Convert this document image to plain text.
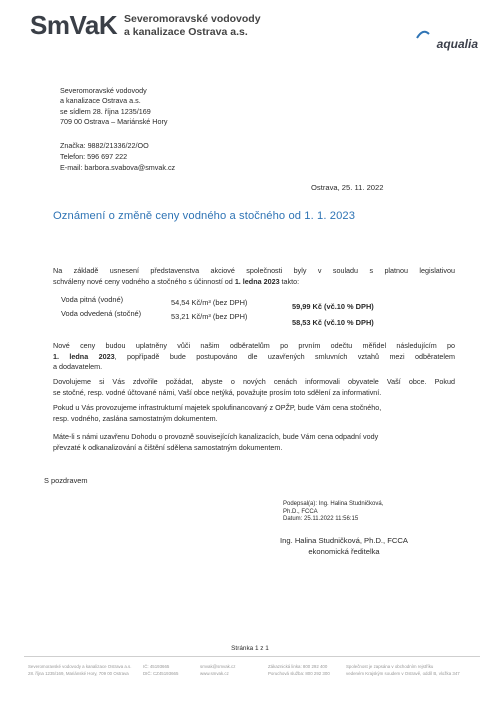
SmVaK Severomoravské vodovody
a kanalizace Ostrava a.s.
aqualia
Severomoravské vodovody
a kanalizace Ostrava a.s.
se sídlem 28. října 1235/169
709 00 Ostrava – Mariánské Hory
Značka: 9882/21336/22/OO
Telefon: 596 697 222
E-mail: barbora.svabova@smvak.cz
Ostrava, 25. 11. 2022
Oznámení o změně ceny vodného a stočného od 1. 1. 2023
Na základě usnesení představenstva akciové společnosti byly v souladu s platnou legislativou
schváleny nové ceny vodného a stočného s účinností od 1. ledna 2023 takto:
Voda pitná (vodné)
59,99 Kč (vč.10 % DPH)
54,54 Kč/m³ (bez DPH)
Voda odvedená (stočné)
58,53 Kč (vč.10 % DPH)
53,21 Kč/m³ (bez DPH)
Nové ceny budou uplatněny vůči našim odběratelům po prvním odečtu měřidel následujícím po
1. ledna 2023, popřípadě bude postupováno dle uzavřených smluvních vztahů mezi odběratelem
a dodavatelem.
Dovolujeme si Vás zdvořile požádat, abyste o nových cenách informovali obyvatele Vaší obce. Pokud
se stočné, resp. vodné účtované námi, Vaší obce netýká, považujte prosím toto sdělení za informativní.
Pokud u Vás provozujeme infrastrukturní majetek spolufinancovaný z OPŽP, bude Vám cena stočného,
resp. vodného, zaslána samostatným dokumentem.
Máte-li s námi uzavřenu Dohodu o provozně souvisejících kanalizacích, bude Vám cena odpadní vody
převzaté k odkanalizování a čištění sdělena samostatným dokumentem.
S pozdravem
Podepsal(a): Ing. Halina Studničková,
Ph.D., FCCA
Datum: 25.11.2022 11:56:15
Ing. Halina Studničková, Ph.D., FCCA
ekonomická ředitelka
Stránka 1 z 1
Severomoravské vodovody a kanalizace Ostrava a.s.
28. října 1235/169, Mariánské Hory, 709 00 Ostrava
IČ: 45193665
DIČ: CZ45193665
smvak@smvak.cz
www.smvak.cz
Zákaznická linka: 800 292 400
Poruchová služba: 800 292 300
Společnost je zapsána v obchodním rejstříku
vedeném Krajským soudem v Ostravě, oddíl B, vložka 347
